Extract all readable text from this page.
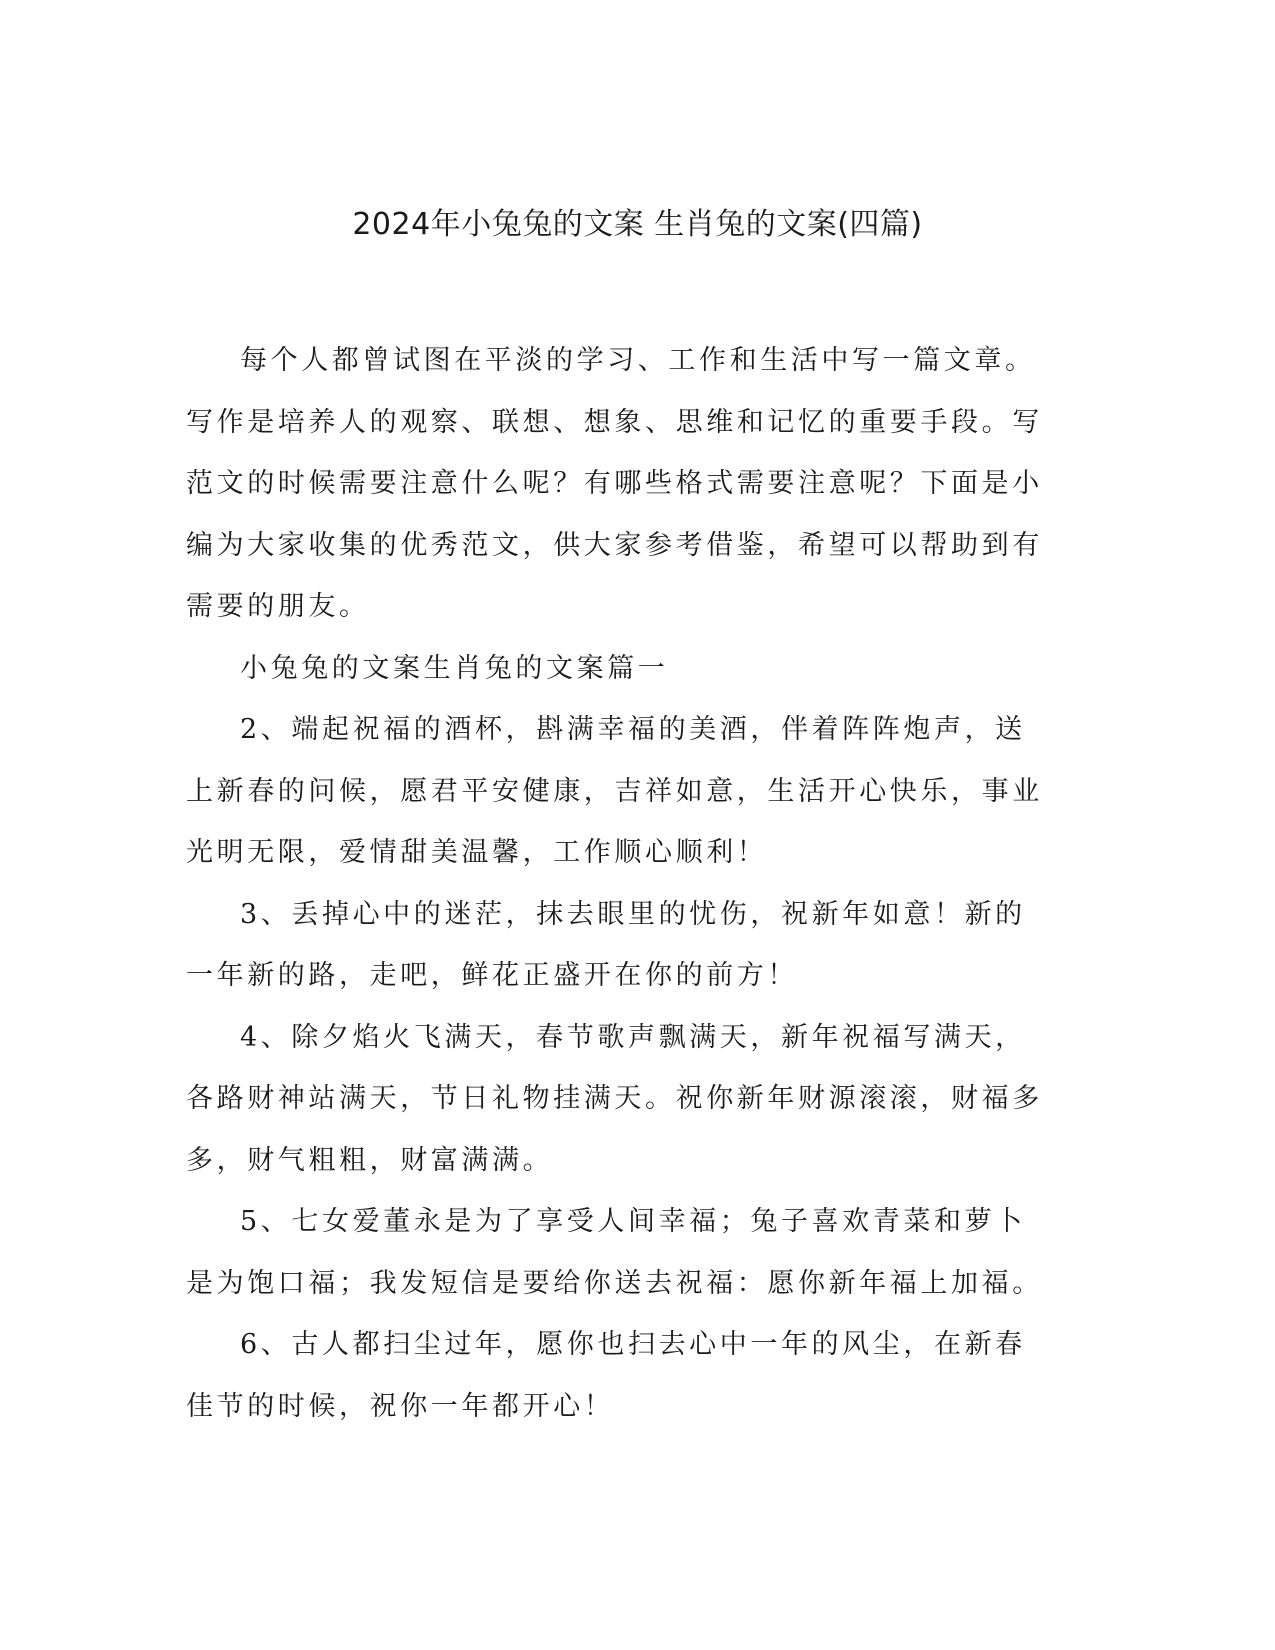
2024年小兔兔的文案 生肖兔的文案(四篇)

每个人都曾试图在平淡的学习、工作和生活中写一篇文章。写作是培养人的观察、联想、想象、思维和记忆的重要手段。写范文的时候需要注意什么呢？有哪些格式需要注意呢？下面是小编为大家收集的优秀范文，供大家参考借鉴，希望可以帮助到有需要的朋友。

小兔兔的文案生肖兔的文案篇一

2、端起祝福的酒杯，斟满幸福的美酒，伴着阵阵炮声，送上新春的问候，愿君平安健康，吉祥如意，生活开心快乐，事业光明无限，爱情甜美温馨，工作顺心顺利！

3、丢掉心中的迷茫，抹去眼里的忧伤，祝新年如意！新的一年新的路，走吧，鲜花正盛开在你的前方！

4、除夕焰火飞满天，春节歌声飘满天，新年祝福写满天，各路财神站满天，节日礼物挂满天。祝你新年财源滚滚，财福多多，财气粗粗，财富满满。

5、七女爱董永是为了享受人间幸福；兔子喜欢青菜和萝卜是为饱口福；我发短信是要给你送去祝福：愿你新年福上加福。

6、古人都扫尘过年，愿你也扫去心中一年的风尘，在新春佳节的时候，祝你一年都开心！
